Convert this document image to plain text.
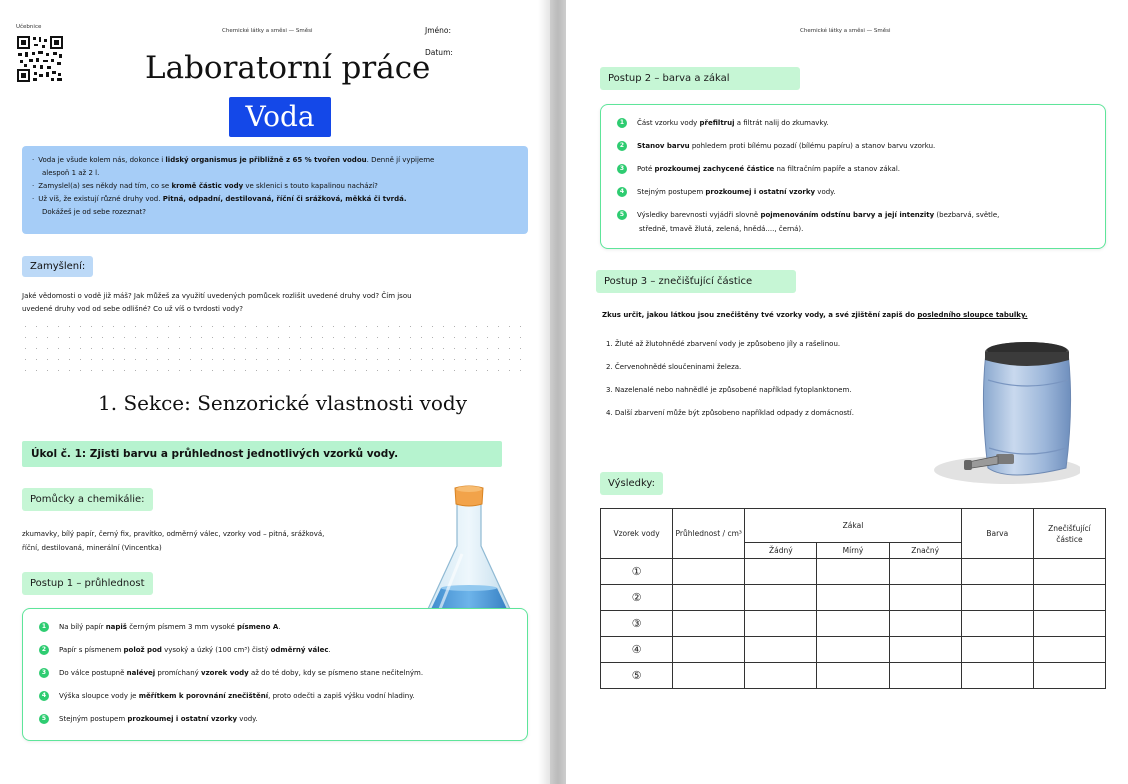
Učebnice
Chemické látky a směsi — Směsi	Jméno:
Datum:
Laboratorní práce
Voda
· Voda je všude kolem nás, dokonce i lidský organismus je přibližně z 65 % tvořen vodou. Denně jí vypijeme
alespoň 1 až 2 l.
· Zamyslel(a) ses někdy nad tím, co se kromě částic vody ve sklenici s touto kapalinou nachází?
· Už víš, že existují různé druhy vod. Pitná, odpadní, destilovaná, říční či srážková, měkká či tvrdá.
Dokážeš je od sebe rozeznat?
Zamyšlení:
Jaké vědomosti o vodě již máš? Jak můžeš za využití uvedených pomůcek rozlišit uvedené druhy vod? Čím jsou
uvedené druhy vod od sebe odlišné? Co už víš o tvrdosti vody?
1. Sekce: Senzorické vlastnosti vody
Úkol č. 1: Zjisti barvu a průhlednost jednotlivých vzorků vody.
Pomůcky a chemikálie:
zkumavky, bílý papír, černý fix, pravítko, odměrný válec, vzorky vod – pitná, srážková,
říční, destilovaná, minerální (Vincentka)
Postup 1 – průhlednost
1	Na bílý papír napiš černým písmem 3 mm vysoké písmeno A.
2	Papír s písmenem polož pod vysoký a úzký (100 cm³) čistý odměrný válec.
3	Do válce postupně nalévej promíchaný vzorek vody až do té doby, kdy se písmeno stane nečitelným.
4	Výška sloupce vody je měřítkem k porovnání znečištění, proto odečti a zapiš výšku vodní hladiny.
5	Stejným postupem prozkoumej i ostatní vzorky vody.
Chemické látky a směsi — Směsi
Postup 2 – barva a zákal
1	Část vzorku vody přefiltruj a filtrát nalij do zkumavky.
2	Stanov barvu pohledem proti bílému pozadí (bílému papíru) a stanov barvu vzorku.
3	Poté prozkoumej zachycené částice na filtračním papíře a stanov zákal.
4	Stejným postupem prozkoumej i ostatní vzorky vody.
5	Výsledky barevnosti vyjádři slovně pojmenováním odstínu barvy a její intenzity (bezbarvá, světle,
středně, tmavě žlutá, zelená, hnědá...., černá).
Postup 3 – znečišťující částice
Zkus určit, jakou látkou jsou znečištěny tvé vzorky vody, a své zjištění zapiš do posledního sloupce tabulky.
1. Žluté až žlutohnědé zbarvení vody je způsobeno jíly a rašelinou.
2. Červenohnědé sloučeninami železa.
3. Nazelenalé nebo nahnědlé je způsobené například fytoplanktonem.
4. Další zbarvení může být způsobeno například odpady z domácností.
Výsledky:
Vzorek vody	Průhlednost / cm³	Zákal			Barva	Znečišťující částice
		Žádný	Mírný	Značný		
①						
②						
③						
④						
⑤						
